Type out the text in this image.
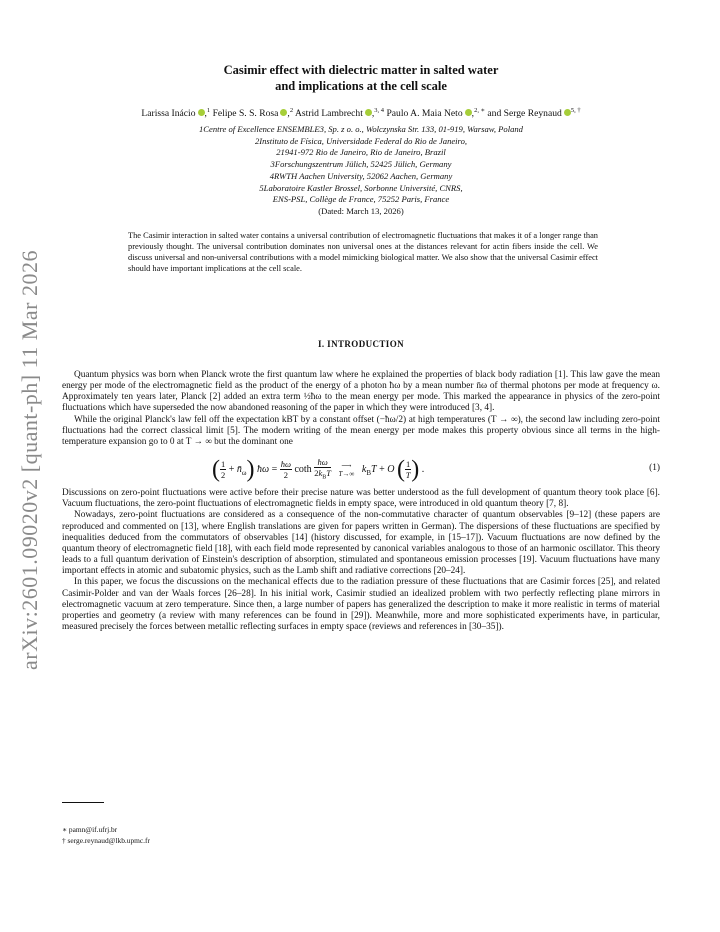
arXiv:2601.09020v2 [quant-ph] 11 Mar 2026
Casimir effect with dielectric matter in salted water
and implications at the cell scale
Larissa Inácio ,$^1$ Felipe S. S. Rosa ,$^2$ Astrid Lambrecht ,$^{3, 4}$ Paulo A. Maia Neto ,$^{2, ∗}$ and Serge Reynaud $^{5, \dagger}$
1Centre of Excellence ENSEMBLE3, Sp. z o. o., Wolczynska Str. 133, 01-919, Warsaw, Poland
2Instituto de Física, Universidade Federal do Rio de Janeiro,
21941-972 Rio de Janeiro, Rio de Janeiro, Brazil
3Forschungszentrum Jülich, 52425 Jülich, Germany
4RWTH Aachen University, 52062 Aachen, Germany
5Laboratoire Kastler Brossel, Sorbonne Université, CNRS,
ENS-PSL, Collège de France, 75252 Paris, France
(Dated: March 13, 2026)
The Casimir interaction in salted water contains a universal contribution of electromagnetic fluctuations that makes it of a longer range than previously thought. The universal contribution dominates non universal ones at the distances relevant for actin fibers inside the cell. We discuss universal and non-universal contributions with a model mimicking biological matter. We also show that the universal Casimir effect should have important implications at the cell scale.
I. INTRODUCTION

Quantum physics was born when Planck wrote the first quantum law where he explained the properties of black body radiation [1]. This law gave the mean energy per mode of the electromagnetic field as the product of the energy of a photon ħω by a mean number n̄ω of thermal photons per mode at frequency ω. Approximately ten years later, Planck [2] added an extra term ½ħω to the mean energy per mode. This marked the appearance in physics of the zero-point fluctuations which have superseded the now abandoned reasoning of the paper in which they were introduced [3, 4].

While the original Planck's law fell off the expectation kBT by a constant offset (−ħω/2) at high temperatures (T → ∞), the second law including zero-point fluctuations had the correct classical limit [5]. The modern writing of the mean energy per mode makes this property obvious since all terms in the high-temperature expansion go to 0 at T → ∞ but the dominant one

( $\frac{1}{2}$ + $n̄_\omega$) ħω = $\frac{ħ\omega}{2}$ coth $\frac{ħ\omega}{2k_BT}$ ⟶
T→∞ $k_BT + O$ ( $\frac{1}{T}$ ) .	(1)

Discussions on zero-point fluctuations were active before their precise nature was better understood as the full development of quantum theory took place [6]. Vacuum fluctuations, the zero-point fluctuations of electromagnetic fields in empty space, were introduced in old quantum theory [7, 8].

Nowadays, zero-point fluctuations are considered as a consequence of the non-commutative character of quantum observables [9–12] (these papers are reproduced and commented on [13], where English translations are given for papers written in German). The dispersions of these fluctuations are specified by inequalities deduced from the commutators of observables [14] (history discussed, for example, in [15–17]). Vacuum fluctuations are now defined by the quantum theory of electromagnetic field [18], with each field mode represented by canonical variables analogous to those of an harmonic oscillator. This theory leads to a full quantum derivation of Einstein's description of absorption, stimulated and spontaneous emission processes [19]. Vacuum fluctuations have many important effects in atomic and subatomic physics, such as the Lamb shift and radiative corrections [20–24].

In this paper, we focus the discussions on the mechanical effects due to the radiation pressure of these fluctuations that are Casimir forces [25], and related Casimir-Polder and van der Waals forces [26–28]. In his initial work, Casimir studied an idealized problem with two perfectly reflecting plane mirrors in electromagnetic vacuum at zero temperature. Since then, a large number of papers has generalized the description to make it more realistic in terms of material properties and geometry (a review with many references can be found in [29]). Meanwhile, more and more sophisticated experiments have, in particular, measured precisely the forces between metallic reflecting surfaces in empty space (reviews and references in [30–35]).

∗ pamn@if.ufrj.br
† serge.reynaud@lkb.upmc.fr
